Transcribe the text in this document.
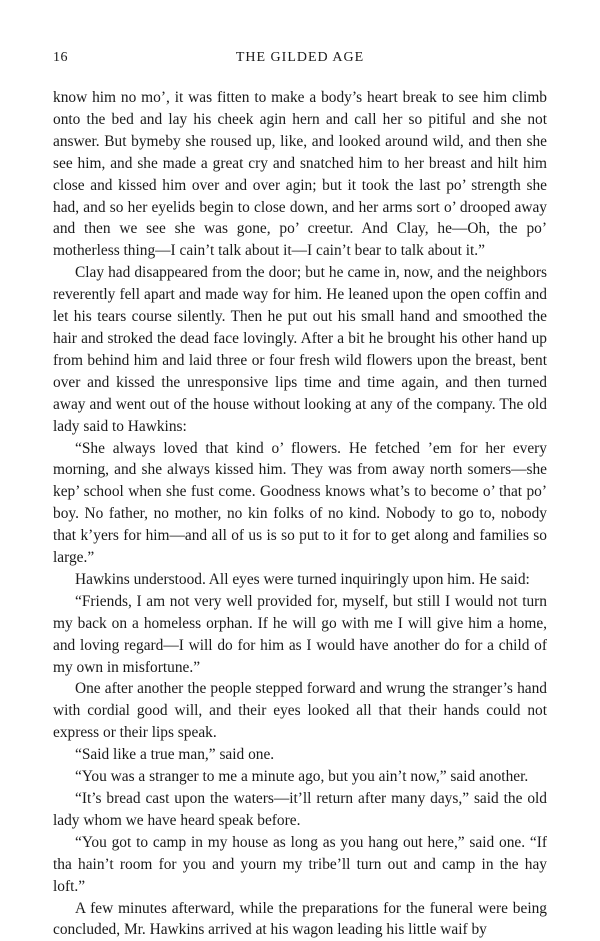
16	THE GILDED AGE

know him no mo’, it was fitten to make a body’s heart break to see him climb onto the bed and lay his cheek agin hern and call her so pitiful and she not answer. But bymeby she roused up, like, and looked around wild, and then she see him, and she made a great cry and snatched him to her breast and hilt him close and kissed him over and over agin; but it took the last po’ strength she had, and so her eyelids begin to close down, and her arms sort o’ drooped away and then we see she was gone, po’ creetur. And Clay, he—Oh, the po’ motherless thing—I cain’t talk about it—I cain’t bear to talk about it.”

Clay had disappeared from the door; but he came in, now, and the neighbors reverently fell apart and made way for him. He leaned upon the open coffin and let his tears course silently. Then he put out his small hand and smoothed the hair and stroked the dead face lovingly. After a bit he brought his other hand up from behind him and laid three or four fresh wild flowers upon the breast, bent over and kissed the unresponsive lips time and time again, and then turned away and went out of the house without looking at any of the company. The old lady said to Hawkins:

“She always loved that kind o’ flowers. He fetched ’em for her every morning, and she always kissed him. They was from away north somers—she kep’ school when she fust come. Goodness knows what’s to become o’ that po’ boy. No father, no mother, no kin folks of no kind. Nobody to go to, nobody that k’yers for him—and all of us is so put to it for to get along and families so large.”

Hawkins understood. All eyes were turned inquiringly upon him. He said:

“Friends, I am not very well provided for, myself, but still I would not turn my back on a homeless orphan. If he will go with me I will give him a home, and loving regard—I will do for him as I would have another do for a child of my own in misfortune.”

One after another the people stepped forward and wrung the stranger’s hand with cordial good will, and their eyes looked all that their hands could not express or their lips speak.

“Said like a true man,” said one.

“You was a stranger to me a minute ago, but you ain’t now,” said another.

“It’s bread cast upon the waters—it’ll return after many days,” said the old lady whom we have heard speak before.

“You got to camp in my house as long as you hang out here,” said one. “If tha hain’t room for you and yourn my tribe’ll turn out and camp in the hay loft.”

A few minutes afterward, while the preparations for the funeral were being concluded, Mr. Hawkins arrived at his wagon leading his little waif by
